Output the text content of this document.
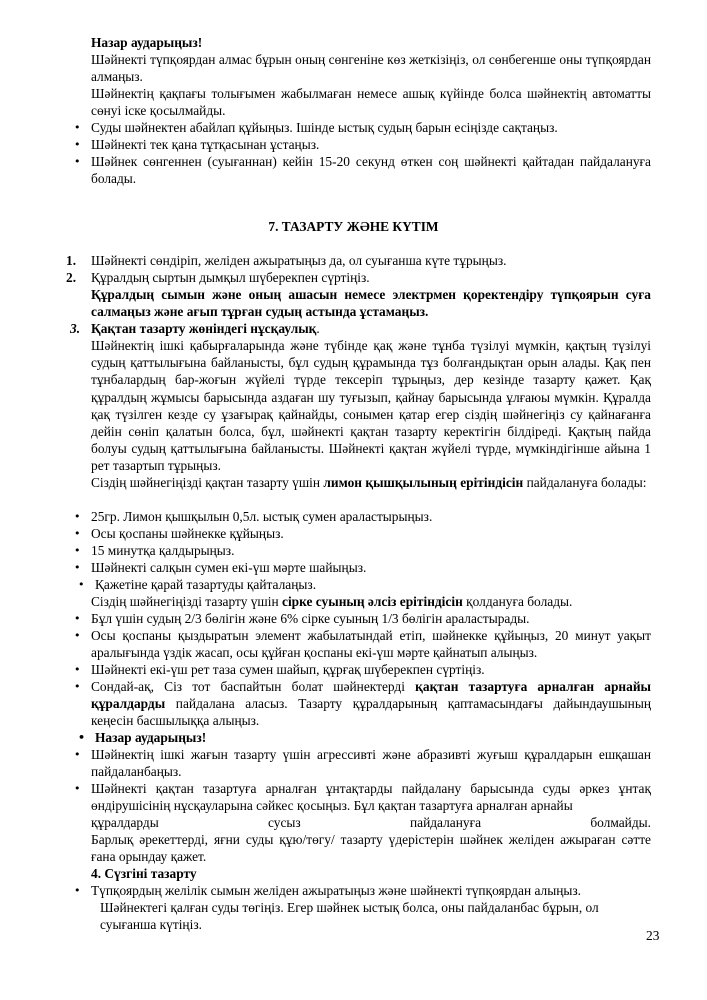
Назар аударыңыз!
Шәйнекті түпқоярдан алмас бұрын оның сөнгеніне көз жеткізіңіз, ол сөнбегенше оны түпқоярдан алмаңыз.
Шәйнектің қақпағы толығымен жабылмаған немесе ашық күйінде болса шәйнектің автоматты сөнуі іске қосылмайды.
• Суды шәйнектен абайлап құйыңыз. Ішінде ыстық судың барын есіңізде сақтаңыз.
• Шәйнекті тек қана тұтқасынан ұстаңыз.
• Шәйнек сөнгеннен (суығаннан) кейін 15-20 секунд өткен соң шәйнекті қайтадан пайдалануға болады.
7. ТАЗАРТУ ЖӘНЕ КҮТІМ
1. Шәйнекті сөндіріп, желіден ажыратыңыз да, ол суығанша күте тұрыңыз.
2. Құралдың сыртын дымқыл шүберекпен сүртіңіз.
Құралдың сымын және оның ашасын немесе электрмен қоректендіру түпқоярын суға салмаңыз және ағып тұрған судың астында ұстамаңыз.
3. Қақтан тазарту жөніндегі нұсқаулық.
Шәйнектің ішкі қабырғаларында және түбінде қақ және тұнба түзілуі мүмкін, қақтың түзілуі судың қаттылығына байланысты, бұл судың құрамында тұз болғандықтан орын алады. Қақ пен тұнбалардың бар-жоғын жүйелі түрде тексеріп тұрыңыз, дер кезінде тазарту қажет. Қақ құралдың жұмысы барысында аздаған шу туғызып, қайнау барысында ұлғаюы мүмкін. Құралда қақ түзілген кезде су ұзағырақ қайнайды, сонымен қатар егер сіздің шәйнегіңіз су қайнағанға дейін сөніп қалатын болса, бұл, шәйнекті қақтан тазарту керектігін білдіреді. Қақтың пайда болуы судың қаттылығына байланысты. Шәйнекті қақтан жүйелі түрде, мүмкіндігінше айына 1 рет тазартып тұрыңыз.
Сіздің шәйнегіңізді қақтан тазарту үшін лимон қышқылының ерітіндісін пайдалануға болады:
• 25гр. Лимон қышқылын 0,5л. ыстық сумен араластырыңыз.
• Осы қоспаны шәйнекке құйыңыз.
• 15 минутқа қалдырыңыз.
• Шәйнекті салқын сумен екі-үш мәрте шайыңыз.
• Қажетіне қарай тазартуды қайталаңыз.
Сіздің шәйнегіңізді тазарту үшін сірке суының әлсіз ерітіндісін қолдануға болады.
• Бұл үшін судың 2/3 бөлігін және 6% сірке суының 1/3 бөлігін араластырады.
• Осы қоспаны қыздыратын элемент жабылатындай етіп, шәйнекке құйыңыз, 20 минут уақыт аралығында үздік жасап, осы құйған қоспаны екі-үш мәрте қайнатып алыңыз.
• Шәйнекті екі-үш рет таза сумен шайып, құрғақ шүберекпен сүртіңіз.
• Сондай-ақ, Сіз тот баспайтын болат шәйнектерді қақтан тазартуға арналған арнайы құралдарды пайдалана аласыз. Тазарту құралдарының қаптамасындағы дайындаушының кеңесін басшылыққа алыңыз.
• Назар аударыңыз!
• Шәйнектің ішкі жағын тазарту үшін агрессивті және абразивті жуғыш құралдарын ешқашан пайдаланбаңыз.
• Шәйнекті қақтан тазартуға арналған ұнтақтарды пайдалану барысында суды әркез ұнтақ өндірушісінің нұсқауларына сәйкес қосыңыз. Бұл қақтан тазартуға арналған арнайы
құралдарды	сусыз	пайдалануға	болмайды.
Барлық әрекеттерді, яғни суды құю/төгу/ тазарту үдерістерін шәйнек желіден ажыраған сәтте ғана орындау қажет.
4. Сүзгіні тазарту
• Түпқоярдың желілік сымын желіден ажыратыңыз және шәйнекті түпқоярдан алыңыз.
Шәйнектегі қалған суды төгіңіз. Егер шәйнек ыстық болса, оны пайдаланбас бұрын, ол суығанша күтіңіз.
23
